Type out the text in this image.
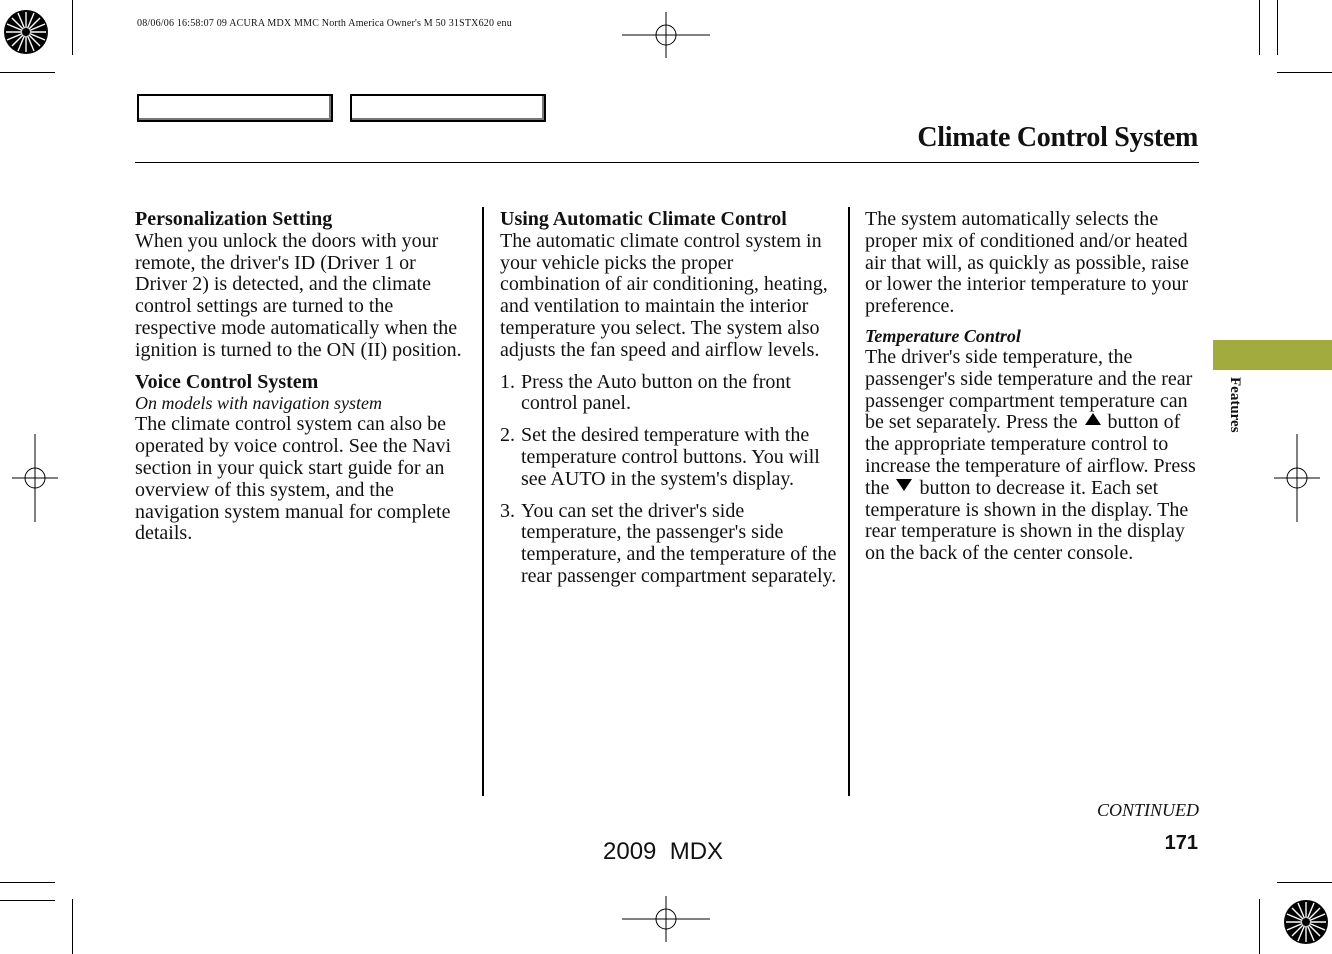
08/06/06 16:58:07 09 ACURA MDX MMC North America Owner's M 50 31STX620 enu
Climate Control System

Personalization Setting

When you unlock the doors with your remote, the driver's ID (Driver 1 or Driver 2) is detected, and the climate control settings are turned to the respective mode automatically when the ignition is turned to the ON (II) position.

Voice Control System

On models with navigation system

The climate control system can also be operated by voice control. See the Navi section in your quick start guide for an overview of this system, and the navigation system manual for complete details.

Using Automatic Climate Control

The automatic climate control system in your vehicle picks the proper combination of air conditioning, heating, and ventilation to maintain the interior temperature you select. The system also adjusts the fan speed and airflow levels.

1. Press the Auto button on the front control panel.
2. Set the desired temperature with the temperature control buttons. You will see AUTO in the system's display.
3. You can set the driver's side temperature, the passenger's side temperature, and the temperature of the rear passenger compartment separately.

The system automatically selects the proper mix of conditioned and/or heated air that will, as quickly as possible, raise or lower the interior temperature to your preference.

Temperature Control

The driver's side temperature, the passenger's side temperature and the rear passenger compartment temperature can be set separately. Press the button of the appropriate temperature control to increase the temperature of airflow. Press the button to decrease it. Each set temperature is shown in the display. The rear temperature is shown in the display on the back of the center console.

Features
CONTINUED
171
2009  MDX
